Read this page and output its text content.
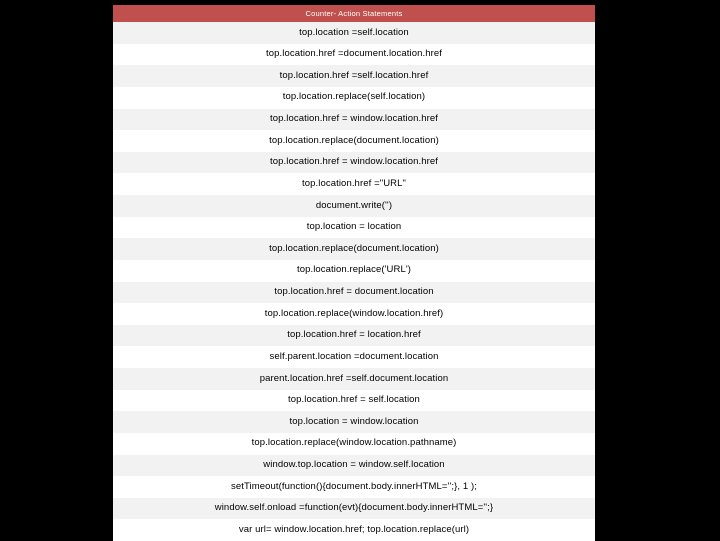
Counter- Action Statements
top.location =self.location
top.location.href =document.location.href
top.location.href =self.location.href
top.location.replace(self.location)
top.location.href = window.location.href
top.location.replace(document.location)
top.location.href = window.location.href
top.location.href ="URL"
document.write('')
top.location = location
top.location.replace(document.location)
top.location.replace('URL')
top.location.href = document.location
top.location.replace(window.location.href)
top.location.href = location.href
self.parent.location =document.location
parent.location.href =self.document.location
top.location.href = self.location
top.location = window.location
top.location.replace(window.location.pathname)
window.top.location = window.self.location
setTimeout(function(){document.body.innerHTML='';}, 1 );
window.self.onload =function(evt){document.body.innerHTML='';}
var url= window.location.href; top.location.replace(url)
